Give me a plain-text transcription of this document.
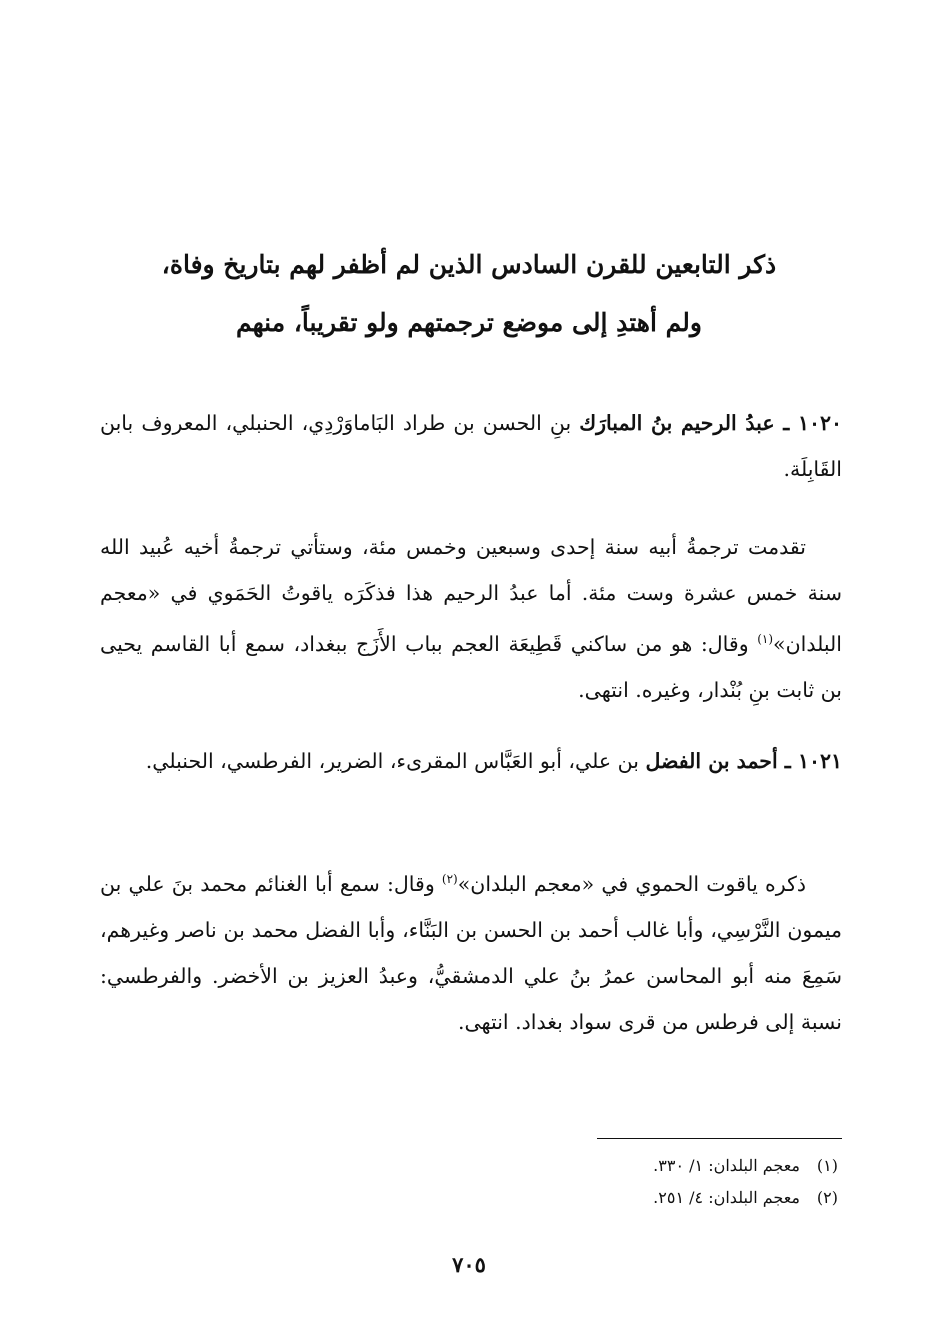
ذكر التابعين للقرن السادس الذين لم أظفر لهم بتاريخ وفاة،
ولم أهتدِ إلى موضع ترجمتهم ولو تقريباً، منهم

١٠٢٠ ـ عبدُ الرحيم بنُ المبارَك بنِ الحسن بن طراد البَاماوَرْدِي، الحنبلي، المعروف بابن القَابِلَة.

تقدمت ترجمةُ أبيه سنة إحدى وسبعين وخمس مئة، وستأتي ترجمةُ أخيه عُبيد الله سنة خمس عشرة وست مئة. أما عبدُ الرحيم هذا فذكَرَه ياقوتُ الحَمَوي في «معجم البلدان»$^{(١)}$ وقال: هو من ساكني قَطِيعَة العجم بباب الأَزَج ببغداد، سمع أبا القاسم يحيى بن ثابت بنِ بُنْدار، وغيره. انتهى.

١٠٢١ ـ أحمد بن الفضل بن علي، أبو العَبَّاس المقرىء، الضرير، الفرطسي، الحنبلي.

ذكره ياقوت الحموي في «معجم البلدان»$^{(٢)}$ وقال: سمع أبا الغنائم محمد بنَ علي بن ميمون النَّرْسِي، وأبا غالب أحمد بن الحسن بن البَنَّاء، وأبا الفضل محمد بن ناصر وغيرهم، سَمِعَ منه أبو المحاسن عمرُ بنُ علي الدمشقيُّ، وعبدُ العزيز بن الأخضر. والفرطسي: نسبة إلى فرطس من قرى سواد بغداد. انتهى.

(١)معجم البلدان: ١/ ٣٣٠.
(٢)معجم البلدان: ٤/ ٢٥١.
٧٠٥
